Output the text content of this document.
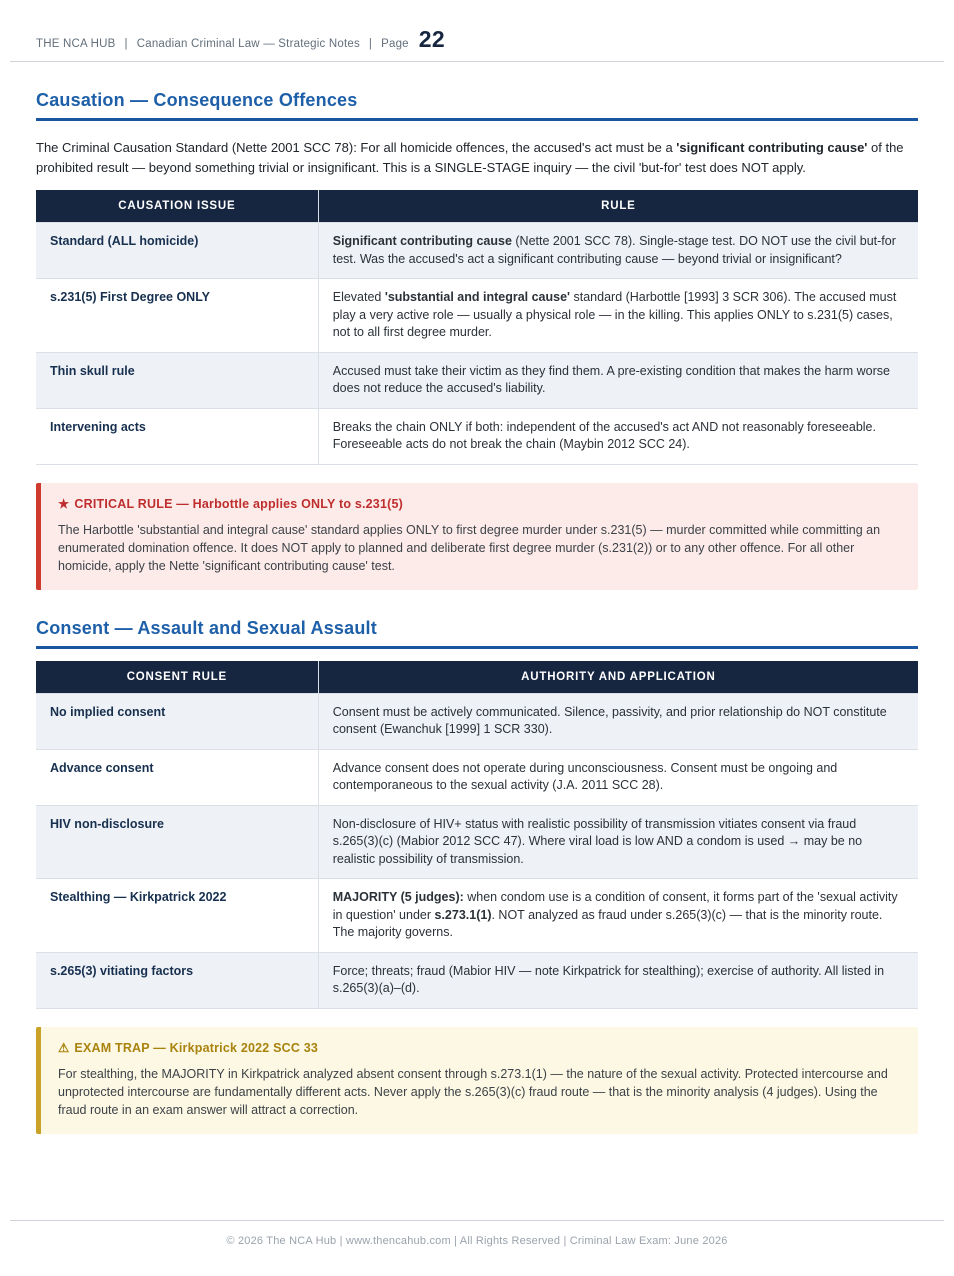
THE NCA HUB | Canadian Criminal Law — Strategic Notes | Page 22
Causation — Consequence Offences

The Criminal Causation Standard (Nette 2001 SCC 78): For all homicide offences, the accused's act must be a 'significant contributing cause' of the prohibited result — beyond something trivial or insignificant. This is a SINGLE-STAGE inquiry — the civil 'but-for' test does NOT apply.

CAUSATION ISSUE	RULE
Standard (ALL homicide)	Significant contributing cause (Nette 2001 SCC 78). Single-stage test. DO NOT use the civil but-for test. Was the accused's act a significant contributing cause — beyond trivial or insignificant?
s.231(5) First Degree ONLY	Elevated 'substantial and integral cause' standard (Harbottle [1993] 3 SCR 306). The accused must play a very active role — usually a physical role — in the killing. This applies ONLY to s.231(5) cases, not to all first degree murder.
Thin skull rule	Accused must take their victim as they find them. A pre-existing condition that makes the harm worse does not reduce the accused's liability.
Intervening acts	Breaks the chain ONLY if both: independent of the accused's act AND not reasonably foreseeable. Foreseeable acts do not break the chain (Maybin 2012 SCC 24).
★ CRITICAL RULE — Harbottle applies ONLY to s.231(5)

The Harbottle 'substantial and integral cause' standard applies ONLY to first degree murder under s.231(5) — murder committed while committing an enumerated domination offence. It does NOT apply to planned and deliberate first degree murder (s.231(2)) or to any other offence. For all other homicide, apply the Nette 'significant contributing cause' test.

Consent — Assault and Sexual Assault
CONSENT RULE	AUTHORITY AND APPLICATION
No implied consent	Consent must be actively communicated. Silence, passivity, and prior relationship do NOT constitute consent (Ewanchuk [1999] 1 SCR 330).
Advance consent	Advance consent does not operate during unconsciousness. Consent must be ongoing and contemporaneous to the sexual activity (J.A. 2011 SCC 28).
HIV non-disclosure	Non-disclosure of HIV+ status with realistic possibility of transmission vitiates consent via fraud s.265(3)(c) (Mabior 2012 SCC 47). Where viral load is low AND a condom is used → may be no realistic possibility of transmission.
Stealthing — Kirkpatrick 2022	MAJORITY (5 judges): when condom use is a condition of consent, it forms part of the 'sexual activity in question' under s.273.1(1). NOT analyzed as fraud under s.265(3)(c) — that is the minority route. The majority governs.
s.265(3) vitiating factors	Force; threats; fraud (Mabior HIV — note Kirkpatrick for stealthing); exercise of authority. All listed in s.265(3)(a)–(d).
⚠ EXAM TRAP — Kirkpatrick 2022 SCC 33

For stealthing, the MAJORITY in Kirkpatrick analyzed absent consent through s.273.1(1) — the nature of the sexual activity. Protected intercourse and unprotected intercourse are fundamentally different acts. Never apply the s.265(3)(c) fraud route — that is the minority analysis (4 judges). Using the fraud route in an exam answer will attract a correction.

© 2026 The NCA Hub | www.thencahub.com | All Rights Reserved | Criminal Law Exam: June 2026
